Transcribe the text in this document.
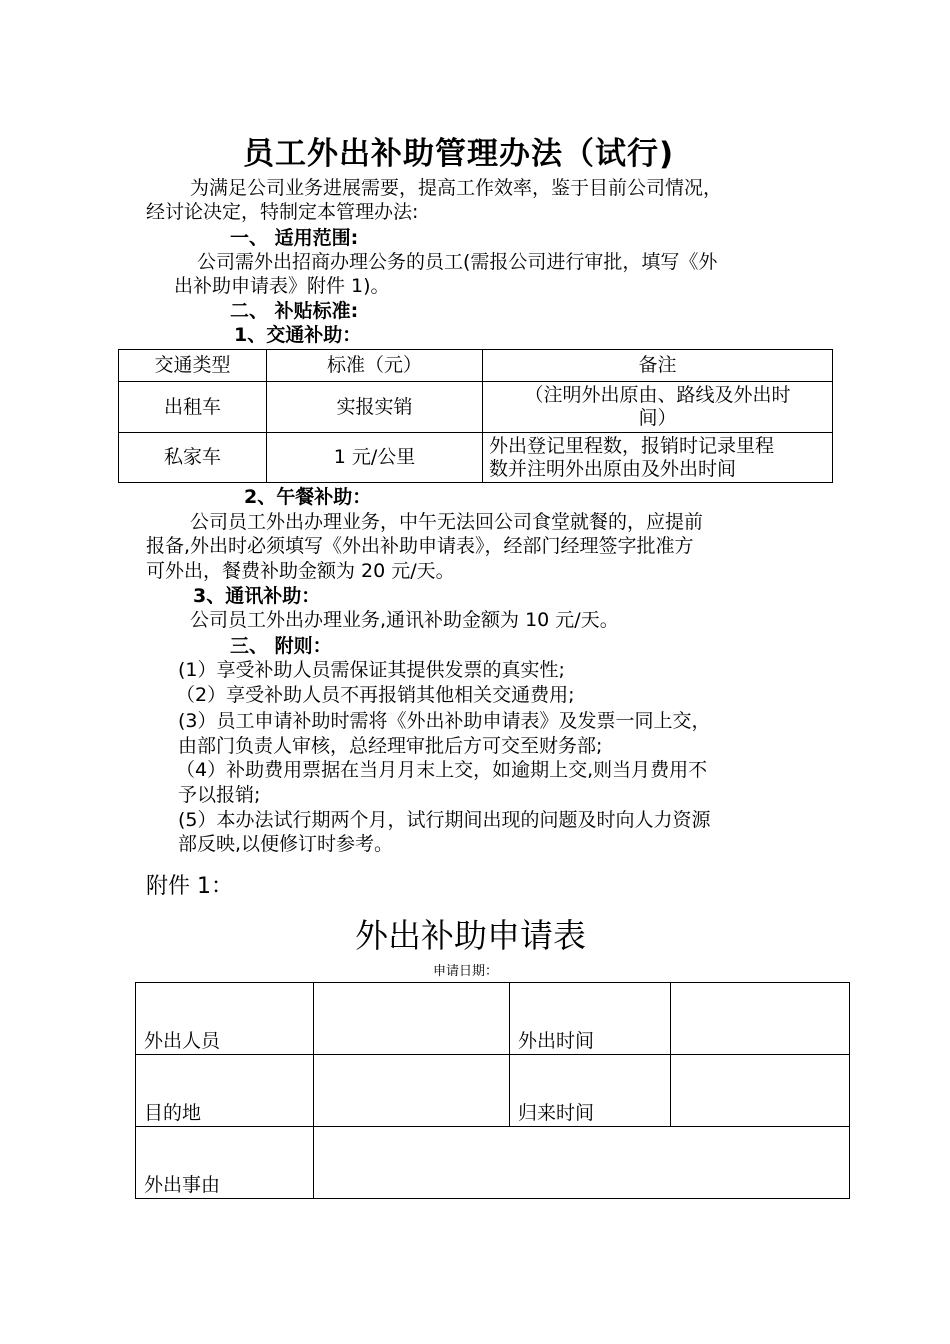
员工外出补助管理办法（试行)
为满足公司业务进展需要，提高工作效率，鉴于目前公司情况，
经讨论决定，特制定本管理办法:
一、 适用范围:
公司需外出招商办理公务的员工(需报公司进行审批，填写《外
出补助申请表》附件 1)。
二、 补贴标准:
1、交通补助：
交通类型	标准（元）	备注
出租车	实报实销	（注明外出原由、路线及外出时
间）

私家车	1 元/公里	外出登记里程数，报销时记录里程
数并注明外出原由及外出时间
2、午餐补助：
公司员工外出办理业务，中午无法回公司食堂就餐的，应提前
报备,外出时必须填写《外出补助申请表》，经部门经理签字批准方
可外出，餐费补助金额为 20 元/天。
3、通讯补助：
公司员工外出办理业务,通讯补助金额为 10 元/天。
三、 附则：
(1）享受补助人员需保证其提供发票的真实性;
（2）享受补助人员不再报销其他相关交通费用;
(3）员工申请补助时需将《外出补助申请表》及发票一同上交，
由部门负责人审核，总经理审批后方可交至财务部;
（4）补助费用票据在当月月末上交，如逾期上交,则当月费用不
予以报销;
(5）本办法试行期两个月，试行期间出现的问题及时向人力资源
部反映,以便修订时参考。
附件 1：
外出补助申请表
申请日期：
外出人员		外出时间	
目的地		归来时间	
外出事由			
